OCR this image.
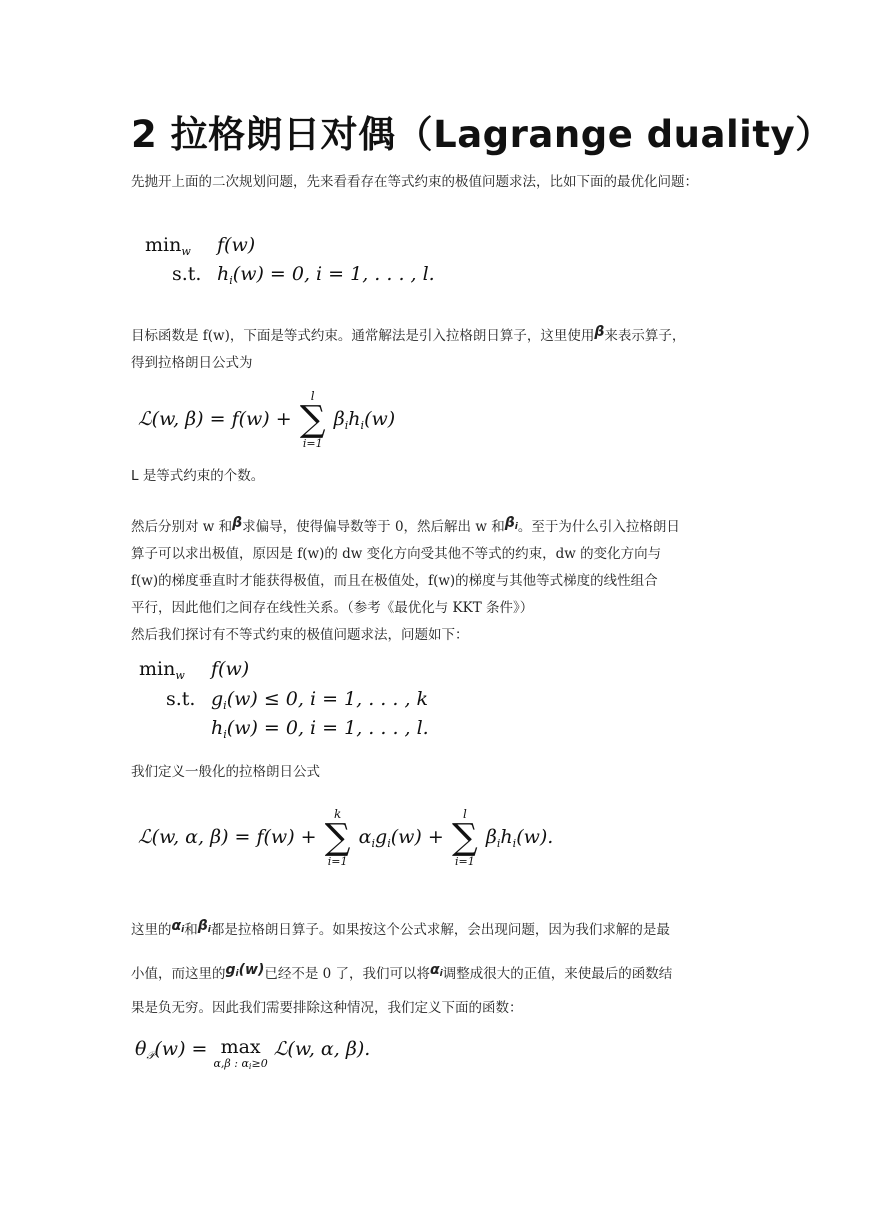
2 拉格朗日对偶（Lagrange duality）
先抛开上面的二次规划问题，先来看看存在等式约束的极值问题求法，比如下面的最优化问题：
$\min_w f(w)$
s.t. $h_i(w) = 0$, i = 1, . . . , l.
目标函数是 f(w)，下面是等式约束。通常解法是引入拉格朗日算子，这里使用β来表示算子，
得到拉格朗日公式为
ℒ(w, β) = f(w) +
l
∑
i=1
$\beta_ih_i(w)$
L 是等式约束的个数。
然后分别对 w 和β求偏导，使得偏导数等于 0，然后解出 w 和βi。至于为什么引入拉格朗日
算子可以求出极值，原因是 f(w)的 dw 变化方向受其他不等式的约束，dw 的变化方向与
f(w)的梯度垂直时才能获得极值，而且在极值处，f(w)的梯度与其他等式梯度的线性组合
平行，因此他们之间存在线性关系。（参考《最优化与 KKT 条件》）
然后我们探讨有不等式约束的极值问题求法，问题如下：
$\min_w f(w)$
s.t. $g_i(w) \le 0$, i = 1, . . . , k
$h_i(w) = 0$, i = 1, . . . , l.
我们定义一般化的拉格朗日公式
ℒ(w, α, β) = f(w) +
k
∑
i=1
$\alpha_ig_i(w)$ +
l
∑
i=1
$\beta_ih_i(w)$.
这里的αi和βi都是拉格朗日算子。如果按这个公式求解，会出现问题，因为我们求解的是最
小值，而这里的gi(w)已经不是 0 了，我们可以将αi调整成很大的正值，来使最后的函数结
果是负无穷。因此我们需要排除这种情况，我们定义下面的函数：
$\theta_𝒫(w) = \max$
α,β : αi≥0
ℒ(w, α, β).
